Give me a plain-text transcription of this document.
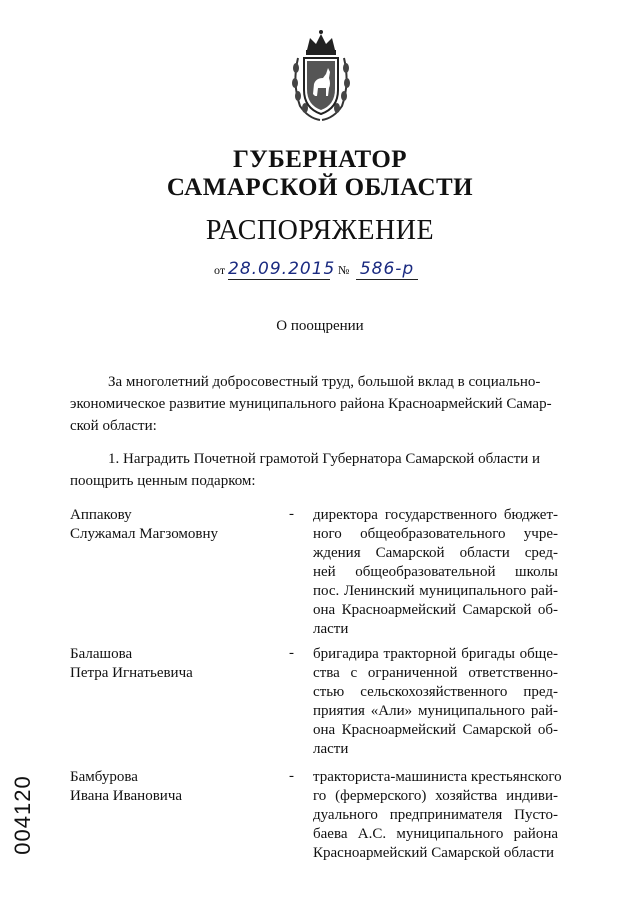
ГУБЕРНАТОР
САМАРСКОЙ ОБЛАСТИ
РАСПОРЯЖЕНИЕ
от 28.09.2015 № 586-р
О поощрении
За многолетний добросовестный труд, большой вклад в социально-
экономическое развитие муниципального района Красноармейский Самар-
ской области:
1. Наградить Почетной грамотой Губернатора Самарской области и
поощрить ценным подарком:
Аппакову
Служамал Магзомовну
- директора государственного бюджет-
ного общеобразовательного учре-
ждения Самарской области сред-
ней общеобразовательной школы
пос. Ленинский муниципального рай-
она Красноармейский Самарской об-
ласти
Балашова
Петра Игнатьевича
- бригадира тракторной бригады обще-
ства с ограниченной ответственно-
стью сельскохозяйственного пред-
приятия «Али» муниципального рай-
она Красноармейский Самарской об-
ласти
Бамбурова
Ивана Ивановича
- тракториста-машиниста крестьянского
го (фермерского) хозяйства индиви-
дуального предпринимателя Пусто-
баева А.С. муниципального района
Красноармейский Самарской области
004120
